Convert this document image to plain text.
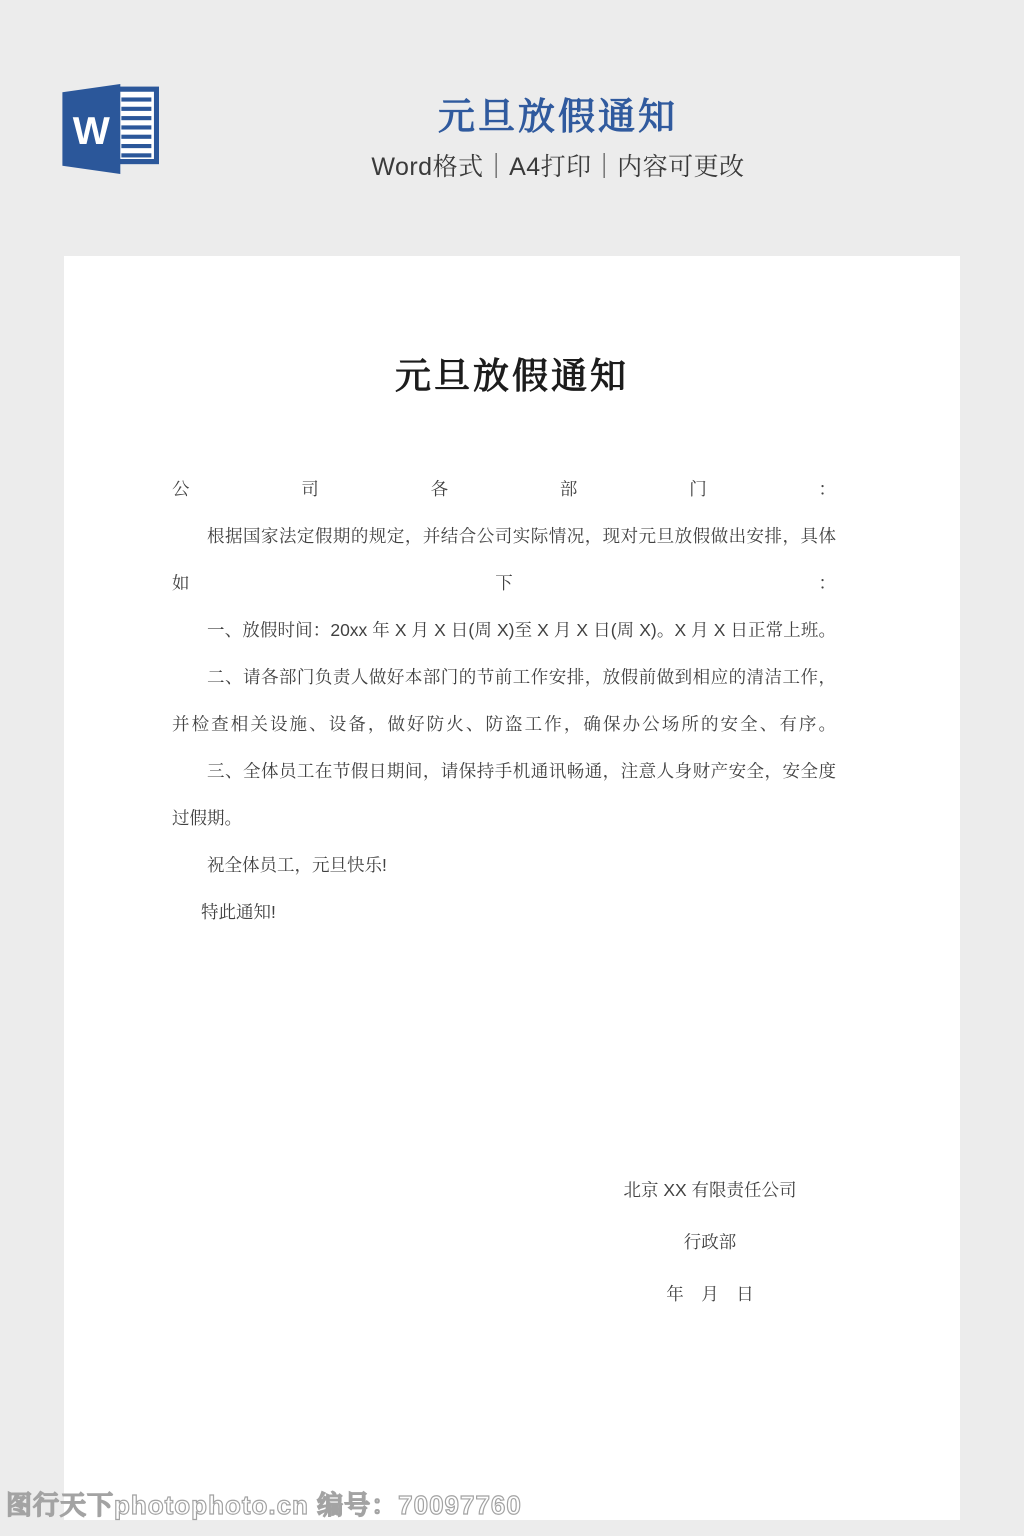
W	元旦放假通知
Word格式｜A4打印｜内容可更改
元旦放假通知
公	司	各	部	门	：
根据国家法定假期的规定，并结合公司实际情况，现对元旦放假做出安排，具体
如	下	：
一、放假时间：20xx 年 X 月 X 日(周 X)至 X 月 X 日(周 X)。X 月 X 日正常上班。
二、请各部门负责人做好本部门的节前工作安排，放假前做到相应的清洁工作，
并检查相关设施、设备，做好防火、防盗工作，确保办公场所的安全、有序。
三、全体员工在节假日期间，请保持手机通讯畅通，注意人身财产安全，安全度
过假期。
祝全体员工，元旦快乐!
特此通知!
北京 XX 有限责任公司
行政部
年　月　日
图行天下photophoto.cn 编号：70097760
